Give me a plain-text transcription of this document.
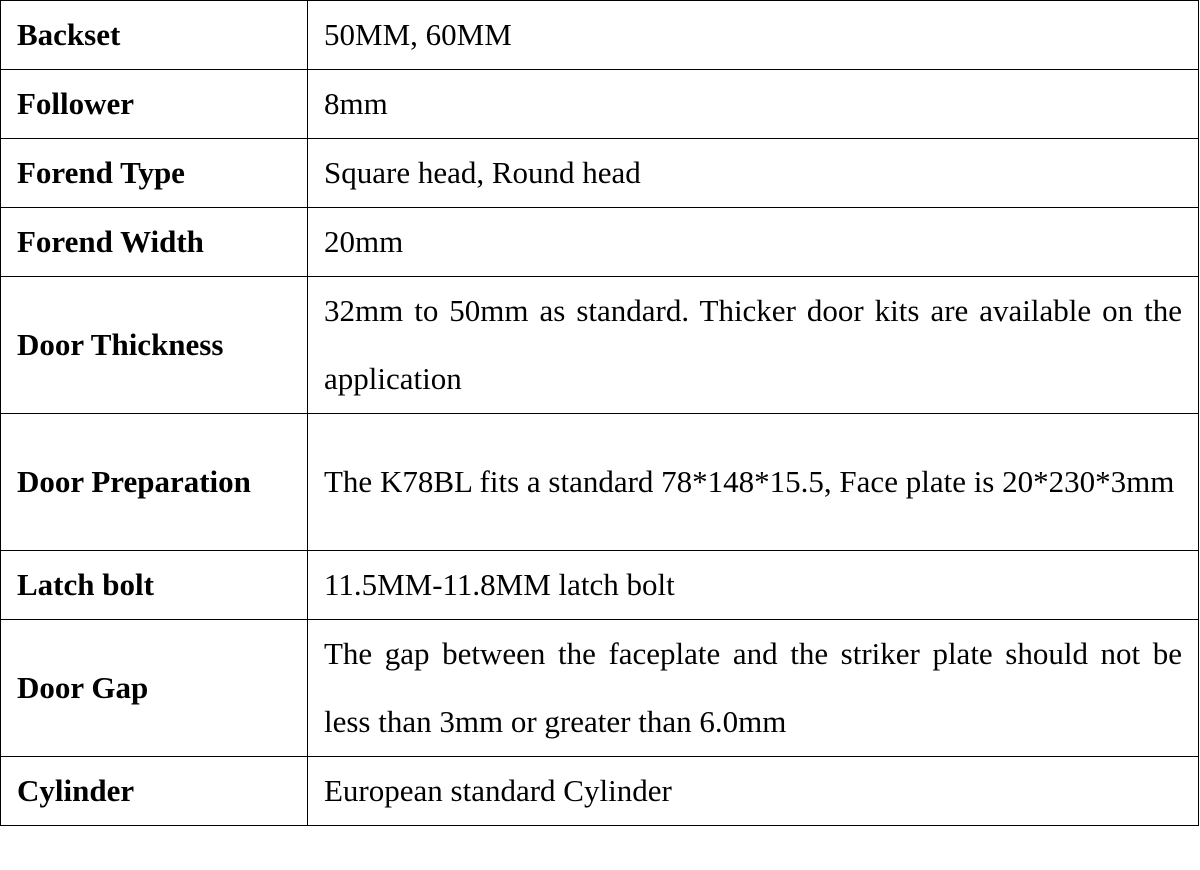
Backset	50MM, 60MM
Follower	8mm
Forend Type	Square head, Round head
Forend Width	20mm
Door Thickness	32mm to 50mm as standard. Thicker door kits are available on the application
Door Preparation	The K78BL fits a standard 78*148*15.5, Face plate is 20*230*3mm
Latch bolt	11.5MM-11.8MM latch bolt
Door Gap	The gap between the faceplate and the striker plate should not be less than 3mm or greater than 6.0mm
Cylinder	European standard Cylinder
